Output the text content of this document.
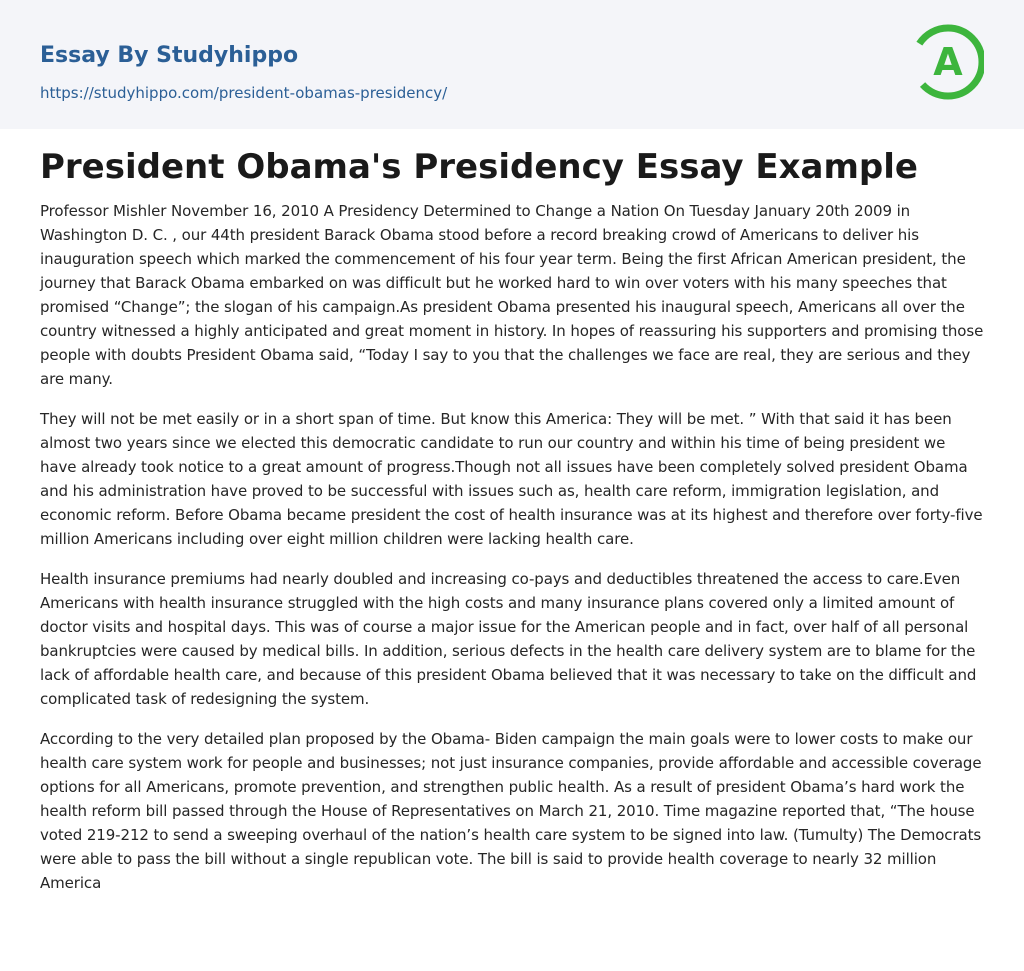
Essay By Studyhippo
https://studyhippo.com/president-obamas-presidency/
A
President Obama's Presidency Essay Example

Professor Mishler November 16, 2010 A Presidency Determined to Change a Nation On Tuesday January 20th 2009 in Washington D. C. , our 44th president Barack Obama stood before a record breaking crowd of Americans to deliver his inauguration speech which marked the commencement of his four year term. Being the first African American president, the journey that Barack Obama embarked on was difficult but he worked hard to win over voters with his many speeches that promised “Change”; the slogan of his campaign.As president Obama presented his inaugural speech, Americans all over the country witnessed a highly anticipated and great moment in history. In hopes of reassuring his supporters and promising those people with doubts President Obama said, “Today I say to you that the challenges we face are real, they are serious and they are many.

They will not be met easily or in a short span of time. But know this America: They will be met. ” With that said it has been almost two years since we elected this democratic candidate to run our country and within his time of being president we have already took notice to a great amount of progress.Though not all issues have been completely solved president Obama and his administration have proved to be successful with issues such as, health care reform, immigration legislation, and economic reform. Before Obama became president the cost of health insurance was at its highest and therefore over forty-five million Americans including over eight million children were lacking health care.

Health insurance premiums had nearly doubled and increasing co-pays and deductibles threatened the access to care.Even Americans with health insurance struggled with the high costs and many insurance plans covered only a limited amount of doctor visits and hospital days. This was of course a major issue for the American people and in fact, over half of all personal bankruptcies were caused by medical bills. In addition, serious defects in the health care delivery system are to blame for the lack of affordable health care, and because of this president Obama believed that it was necessary to take on the difficult and complicated task of redesigning the system.

According to the very detailed plan proposed by the Obama- Biden campaign the main goals were to lower costs to make our health care system work for people and businesses; not just insurance companies, provide affordable and accessible coverage options for all Americans, promote prevention, and strengthen public health. As a result of president Obama’s hard work the health reform bill passed through the House of Representatives on March 21, 2010. Time magazine reported that, “The house voted 219-212 to send a sweeping overhaul of the nation’s health care system to be signed into law. (Tumulty) The Democrats were able to pass the bill without a single republican vote. The bill is said to provide health coverage to nearly 32 million America
